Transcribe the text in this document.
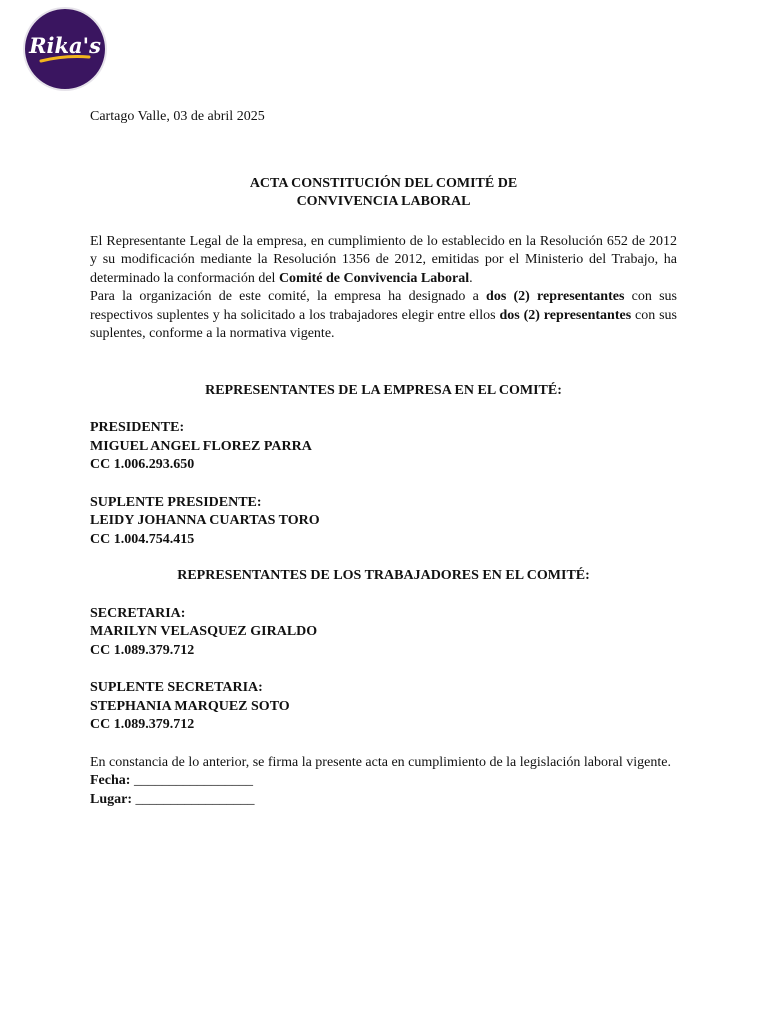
Rika's

Cartago Valle, 03 de abril 2025

ACTA CONSTITUCIÓN DEL COMITÉ DE
CONVIVENCIA LABORAL

El Representante Legal de la empresa, en cumplimiento de lo establecido en la Resolución 652 de 2012 y su modificación mediante la Resolución 1356 de 2012, emitidas por el Ministerio del Trabajo, ha determinado la conformación del Comité de Convivencia Laboral.

Para la organización de este comité, la empresa ha designado a dos (2) representantes con sus respectivos suplentes y ha solicitado a los trabajadores elegir entre ellos dos (2) representantes con sus suplentes, conforme a la normativa vigente.

REPRESENTANTES DE LA EMPRESA EN EL COMITÉ:

PRESIDENTE:
MIGUEL ANGEL FLOREZ PARRA
CC 1.006.293.650
SUPLENTE PRESIDENTE:
LEIDY JOHANNA CUARTAS TORO
CC 1.004.754.415

REPRESENTANTES DE LOS TRABAJADORES EN EL COMITÉ:

SECRETARIA:
MARILYN VELASQUEZ GIRALDO
CC 1.089.379.712
SUPLENTE SECRETARIA:
STEPHANIA MARQUEZ SOTO
CC 1.089.379.712
En constancia de lo anterior, se firma la presente acta en cumplimiento de la legislación laboral vigente.
Fecha: _________________
Lugar: _________________
